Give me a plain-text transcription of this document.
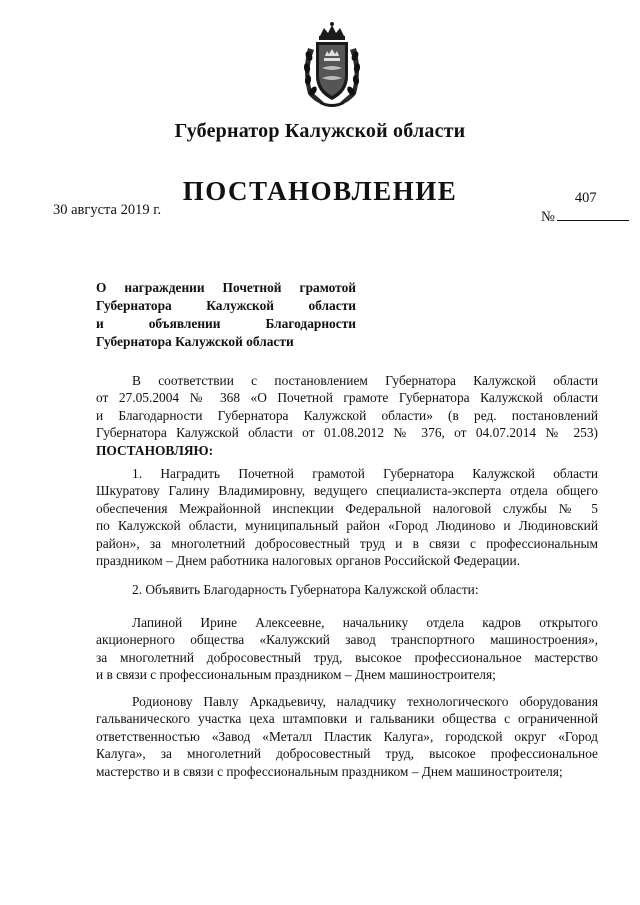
Губернатор Калужской области
ПОСТАНОВЛЕНИЕ
30 августа 2019 г.	№
407
О награждении Почетной грамотой
Губернатора Калужской области
и объявлении Благодарности
Губернатора Калужской области
В соответствии с постановлением Губернатора Калужской области
от 27.05.2004 № 368 «О Почетной грамоте Губернатора Калужской области
и Благодарности Губернатора Калужской области» (в ред. постановлений
Губернатора Калужской области от 01.08.2012 № 376, от 04.07.2014 № 253)
ПОСТАНОВЛЯЮ:
1. Наградить Почетной грамотой Губернатора Калужской области
Шкуратову Галину Владимировну, ведущего специалиста-эксперта отдела общего
обеспечения Межрайонной инспекции Федеральной налоговой службы № 5
по Калужской области, муниципальный район «Город Людиново и Людиновский
район», за многолетний добросовестный труд и в связи с профессиональным
праздником – Днем работника налоговых органов Российской Федерации.
2. Объявить Благодарность Губернатора Калужской области:
Лапиной Ирине Алексеевне, начальнику отдела кадров открытого
акционерного общества «Калужский завод транспортного машиностроения»,
за многолетний добросовестный труд, высокое профессиональное мастерство
и в связи с профессиональным праздником – Днем машиностроителя;
Родионову Павлу Аркадьевичу, наладчику технологического оборудования
гальванического участка цеха штамповки и гальваники общества с ограниченной
ответственностью «Завод «Металл Пластик Калуга», городской округ «Город
Калуга», за многолетний добросовестный труд, высокое профессиональное
мастерство и в связи с профессиональным праздником – Днем машиностроителя;
